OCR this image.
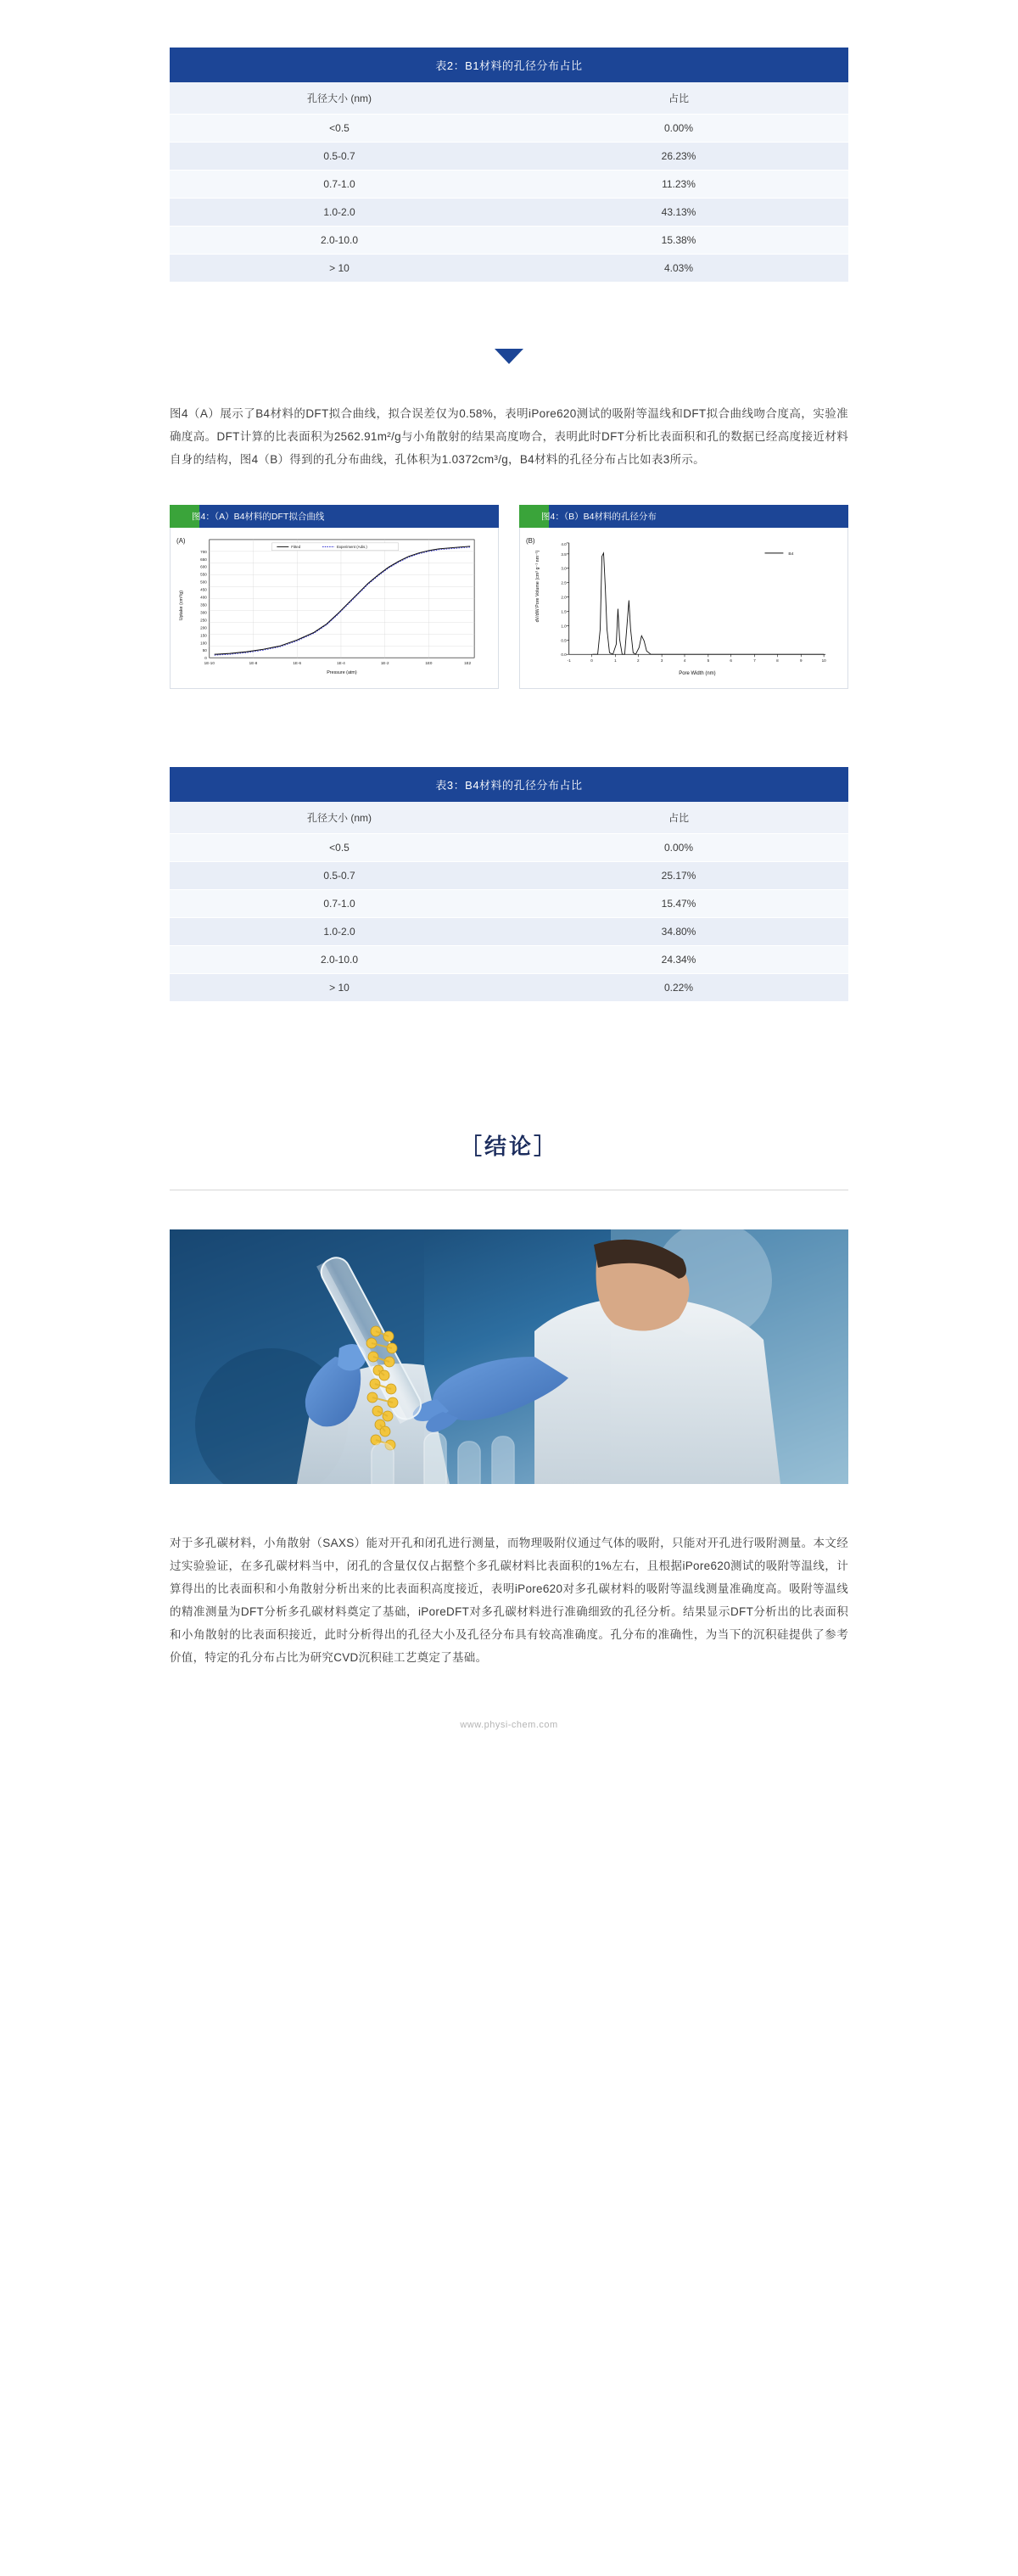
表2：B1材料的孔径分布占比
孔径大小 (nm)	占比
<0.5	0.00%
0.5-0.7	26.23%
0.7-1.0	11.23%
1.0-2.0	43.13%
2.0-10.0	15.38%
> 10	4.03%

图4（A）展示了B4材料的DFT拟合曲线，拟合误差仅为0.58%，表明iPore620测试的吸附等温线和DFT拟合曲线吻合度高，实验准确度高。DFT计算的比表面积为2562.91m²/g与小角散射的结果高度吻合，表明此时DFT分析比表面积和孔的数据已经高度接近材料自身的结构，图4（B）得到的孔分布曲线，孔体积为1.0372cm³/g，B4材料的孔径分布占比如表3所示。

图4：（A）B4材料的DFT拟合曲线
(A)
0
50
100
150
200
250
300
350
400
450
500
550
600
650
700
1E-10	1E-8	1E-6	1E-4	1E-2	1E0	1E2
Fitted	Experiment (Adis.)
Pressure (atm)
Uptake (cm³/g)
图4：（B）B4材料的孔径分布
(B)
0.0
0.5
1.0
1.5
2.0
2.5
3.0
3.5
4.0
-1	0	1	2	3	4	5	6	7	8	9	10
B4
Pore Width (nm)
dV/dW Pore Volume (cm³ g⁻¹ nm⁻¹)
表3：B4材料的孔径分布占比
孔径大小 (nm)	占比
<0.5	0.00%
0.5-0.7	25.17%
0.7-1.0	15.47%
1.0-2.0	34.80%
2.0-10.0	24.34%
> 10	0.22%
［结论］

对于多孔碳材料，小角散射（SAXS）能对开孔和闭孔进行测量，而物理吸附仪通过气体的吸附，只能对开孔进行吸附测量。本文经过实验验证，在多孔碳材料当中，闭孔的含量仅仅占据整个多孔碳材料比表面积的1%左右，且根据iPore620测试的吸附等温线，计算得出的比表面积和小角散射分析出来的比表面积高度接近，表明iPore620对多孔碳材料的吸附等温线测量准确度高。吸附等温线的精准测量为DFT分析多孔碳材料奠定了基础，iPoreDFT对多孔碳材料进行准确细致的孔径分析。结果显示DFT分析出的比表面积和小角散射的比表面积接近，此时分析得出的孔径大小及孔径分布具有较高准确度。孔分布的准确性，为当下的沉积硅提供了参考价值，特定的孔分布占比为研究CVD沉积硅工艺奠定了基础。

www.physi-chem.com
